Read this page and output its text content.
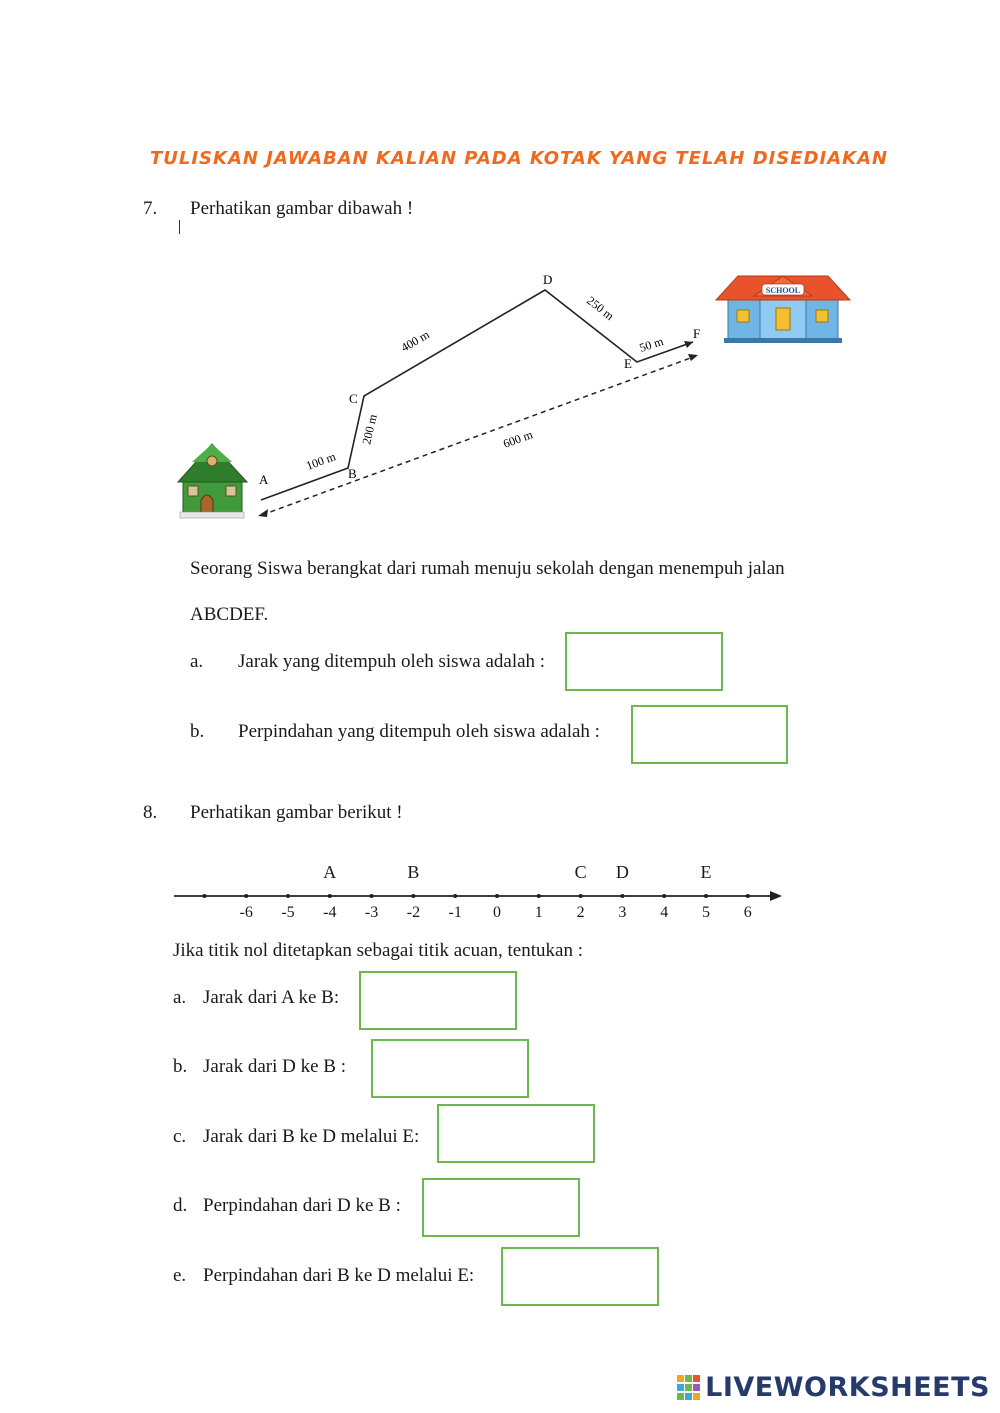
TULISKAN JAWABAN KALIAN PADA KOTAK YANG TELAH DISEDIAKAN
7. Perhatikan gambar dibawah !
A	B
C
D
E
F
100 m
200 m
400 m
250 m
50 m
600 m
SCHOOL
Seorang Siswa berangkat dari rumah menuju sekolah dengan menempuh jalan
ABCDEF.
a. Jarak yang ditempuh oleh siswa adalah :
b. Perpindahan yang ditempuh oleh siswa adalah :
8. Perhatikan gambar berikut !
-6 -5 -4 -3 -2 -1 0 1 2 3 4 5 6
A	B	C D	E
Jika titik nol ditetapkan sebagai titik acuan, tentukan :
a. Jarak dari A ke B:
b. Jarak dari D ke B :
c. Jarak dari B ke D melalui E:
d. Perpindahan dari D ke B :
e. Perpindahan dari B ke D melalui E:
LIVEWORKSHEETS
